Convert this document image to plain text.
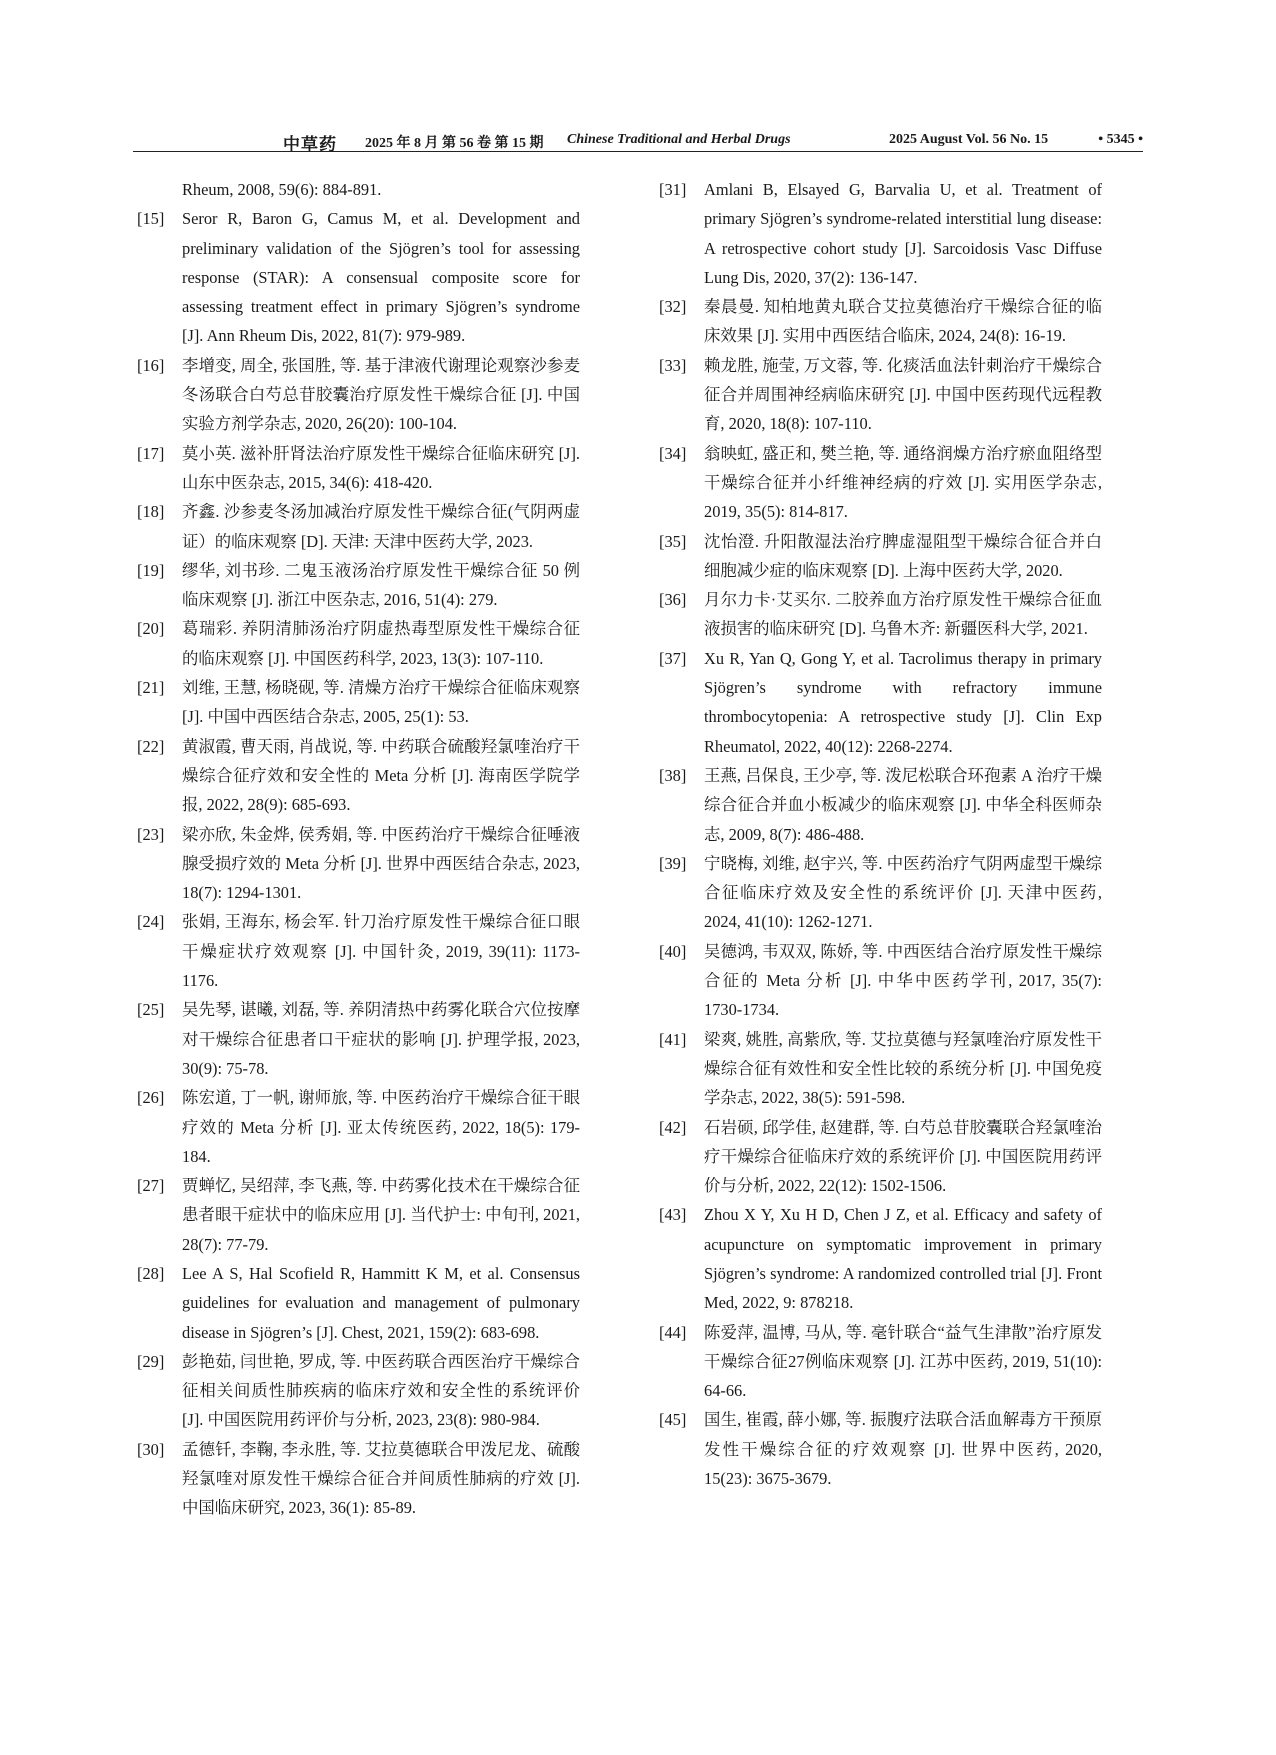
中草药 2025 年 8 月 第 56 卷 第 15 期 Chinese Traditional and Herbal Drugs	2025 August Vol. 56 No. 15	• 5345 •
Rheum, 2008, 59(6): 884-891.
[15] Seror R, Baron G, Camus M, et al. Development and preliminary validation of the Sjögren’s tool for assessing response (STAR): A consensual composite score for assessing treatment effect in primary Sjögren’s syndrome [J]. Ann Rheum Dis, 2022, 81(7): 979-989.
[16] 李增变, 周全, 张国胜, 等. 基于津液代谢理论观察沙参麦冬汤联合白芍总苷胶囊治疗原发性干燥综合征 [J]. 中国实验方剂学杂志, 2020, 26(20): 100-104.
[17] 莫小英. 滋补肝肾法治疗原发性干燥综合征临床研究 [J]. 山东中医杂志, 2015, 34(6): 418-420.
[18] 齐鑫. 沙参麦冬汤加减治疗原发性干燥综合征(气阴两虚证）的临床观察 [D]. 天津: 天津中医药大学, 2023.
[19] 缪华, 刘书珍. 二鬼玉液汤治疗原发性干燥综合征 50 例临床观察 [J]. 浙江中医杂志, 2016, 51(4): 279.
[20] 葛瑞彩. 养阴清肺汤治疗阴虚热毒型原发性干燥综合征的临床观察 [J]. 中国医药科学, 2023, 13(3): 107-110.
[21] 刘维, 王慧, 杨晓砚, 等. 清燥方治疗干燥综合征临床观察 [J]. 中国中西医结合杂志, 2005, 25(1): 53.
[22] 黄淑霞, 曹天雨, 肖战说, 等. 中药联合硫酸羟氯喹治疗干燥综合征疗效和安全性的 Meta 分析 [J]. 海南医学院学报, 2022, 28(9): 685-693.
[23] 梁亦欣, 朱金烨, 侯秀娟, 等. 中医药治疗干燥综合征唾液腺受损疗效的 Meta 分析 [J]. 世界中西医结合杂志, 2023, 18(7): 1294-1301.
[24] 张娟, 王海东, 杨会军. 针刀治疗原发性干燥综合征口眼干燥症状疗效观察 [J]. 中国针灸, 2019, 39(11): 1173-1176.
[25] 吴先琴, 谌曦, 刘磊, 等. 养阴清热中药雾化联合穴位按摩对干燥综合征患者口干症状的影响 [J]. 护理学报, 2023, 30(9): 75-78.
[26] 陈宏道, 丁一帆, 谢师旅, 等. 中医药治疗干燥综合征干眼疗效的 Meta 分析 [J]. 亚太传统医药, 2022, 18(5): 179-184.
[27] 贾蝉忆, 吴绍萍, 李飞燕, 等. 中药雾化技术在干燥综合征患者眼干症状中的临床应用 [J]. 当代护士: 中旬刊, 2021, 28(7): 77-79.
[28] Lee A S, Hal Scofield R, Hammitt K M, et al. Consensus guidelines for evaluation and management of pulmonary disease in Sjögren’s [J]. Chest, 2021, 159(2): 683-698.
[29] 彭艳茹, 闫世艳, 罗成, 等. 中医药联合西医治疗干燥综合征相关间质性肺疾病的临床疗效和安全性的系统评价 [J]. 中国医院用药评价与分析, 2023, 23(8): 980-984.
[30] 孟德钎, 李鞠, 李永胜, 等. 艾拉莫德联合甲泼尼龙、硫酸羟氯喹对原发性干燥综合征合并间质性肺病的疗效 [J]. 中国临床研究, 2023, 36(1): 85-89.
[31] Amlani B, Elsayed G, Barvalia U, et al. Treatment of primary Sjögren’s syndrome-related interstitial lung disease: A retrospective cohort study [J]. Sarcoidosis Vasc Diffuse Lung Dis, 2020, 37(2): 136-147.
[32] 秦晨曼. 知柏地黄丸联合艾拉莫德治疗干燥综合征的临床效果 [J]. 实用中西医结合临床, 2024, 24(8): 16-19.
[33] 赖龙胜, 施莹, 万文蓉, 等. 化痰活血法针刺治疗干燥综合征合并周围神经病临床研究 [J]. 中国中医药现代远程教育, 2020, 18(8): 107-110.
[34] 翁映虹, 盛正和, 樊兰艳, 等. 通络润燥方治疗瘀血阻络型干燥综合征并小纤维神经病的疗效 [J]. 实用医学杂志, 2019, 35(5): 814-817.
[35] 沈怡澄. 升阳散湿法治疗脾虚湿阻型干燥综合征合并白细胞减少症的临床观察 [D]. 上海中医药大学, 2020.
[36] 月尔力卡·艾买尔. 二胶养血方治疗原发性干燥综合征血液损害的临床研究 [D]. 乌鲁木齐: 新疆医科大学, 2021.
[37] Xu R, Yan Q, Gong Y, et al. Tacrolimus therapy in primary Sjögren’s syndrome with refractory immune thrombocytopenia: A retrospective study [J]. Clin Exp Rheumatol, 2022, 40(12): 2268-2274.
[38] 王燕, 吕保良, 王少亭, 等. 泼尼松联合环孢素 A 治疗干燥综合征合并血小板减少的临床观察 [J]. 中华全科医师杂志, 2009, 8(7): 486-488.
[39] 宁晓梅, 刘维, 赵宇兴, 等. 中医药治疗气阴两虚型干燥综合征临床疗效及安全性的系统评价 [J]. 天津中医药, 2024, 41(10): 1262-1271.
[40] 吴德鸿, 韦双双, 陈娇, 等. 中西医结合治疗原发性干燥综合征的 Meta 分析 [J]. 中华中医药学刊, 2017, 35(7): 1730-1734.
[41] 梁爽, 姚胜, 高紫欣, 等. 艾拉莫德与羟氯喹治疗原发性干燥综合征有效性和安全性比较的系统分析 [J]. 中国免疫学杂志, 2022, 38(5): 591-598.
[42] 石岩硕, 邱学佳, 赵建群, 等. 白芍总苷胶囊联合羟氯喹治疗干燥综合征临床疗效的系统评价 [J]. 中国医院用药评价与分析, 2022, 22(12): 1502-1506.
[43] Zhou X Y, Xu H D, Chen J Z, et al. Efficacy and safety of acupuncture on symptomatic improvement in primary Sjögren’s syndrome: A randomized controlled trial [J]. Front Med, 2022, 9: 878218.
[44] 陈爱萍, 温博, 马从, 等. 毫针联合“益气生津散”治疗原发干燥综合征27例临床观察 [J]. 江苏中医药, 2019, 51(10): 64-66.
[45] 国生, 崔霞, 薛小娜, 等. 振腹疗法联合活血解毒方干预原发性干燥综合征的疗效观察 [J]. 世界中医药, 2020, 15(23): 3675-3679.
